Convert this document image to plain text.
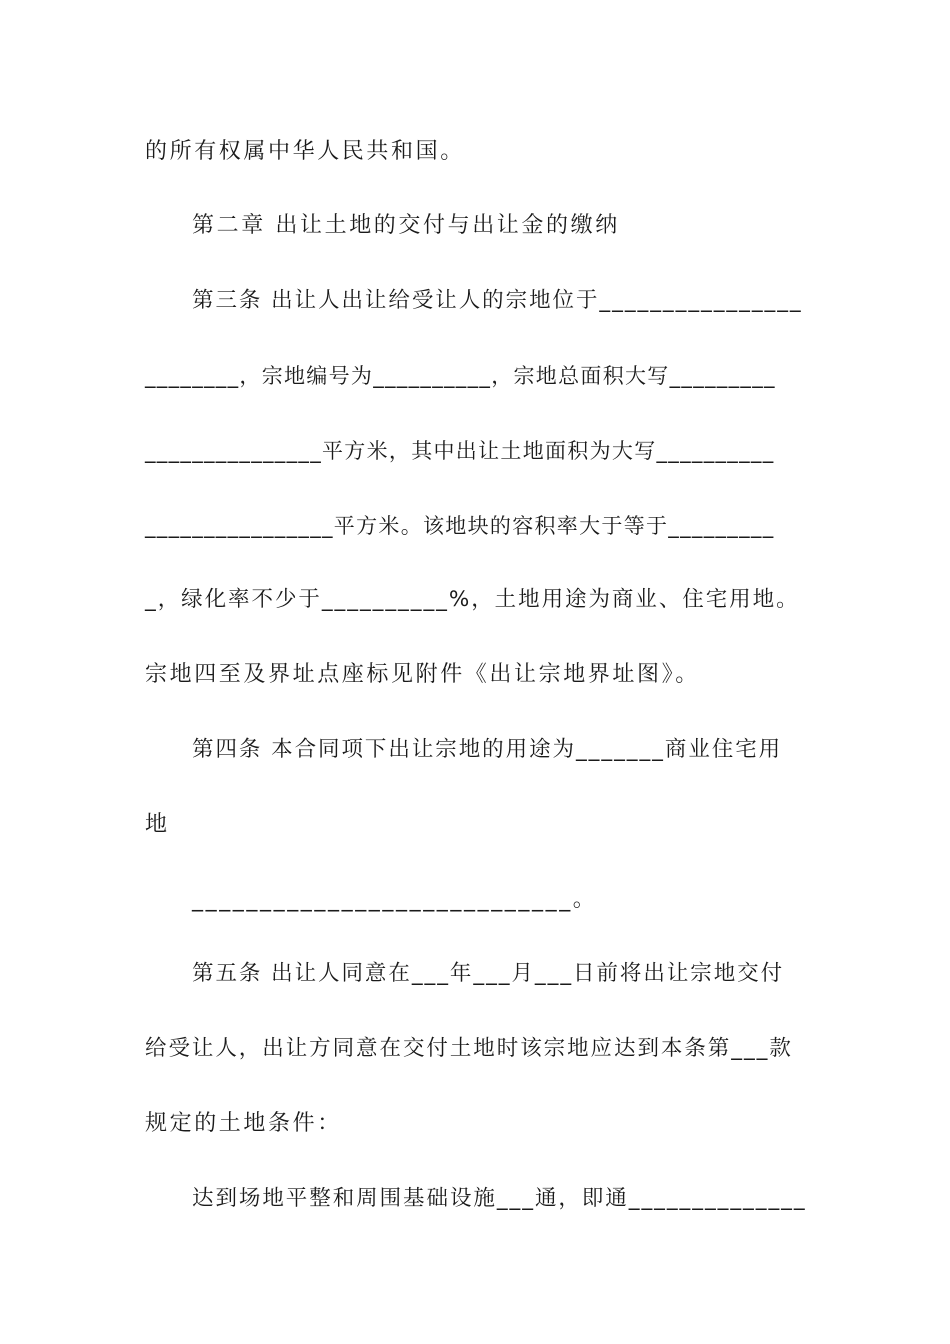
的所有权属中华人民共和国。
第二章 出让土地的交付与出让金的缴纳
第三条 出让人出让给受让人的宗地位于________________
________，宗地编号为__________，宗地总面积大写_________
_______________平方米，其中出让土地面积为大写__________
________________平方米。该地块的容积率大于等于_________
_，绿化率不少于__________%，土地用途为商业、住宅用地。
宗地四至及界址点座标见附件《出让宗地界址图》。
第四条 本合同项下出让宗地的用途为_______商业住宅用
地
____________________________。
第五条 出让人同意在___年___月___日前将出让宗地交付
给受让人，出让方同意在交付土地时该宗地应达到本条第___款
规定的土地条件：
达到场地平整和周围基础设施___通，即通______________
